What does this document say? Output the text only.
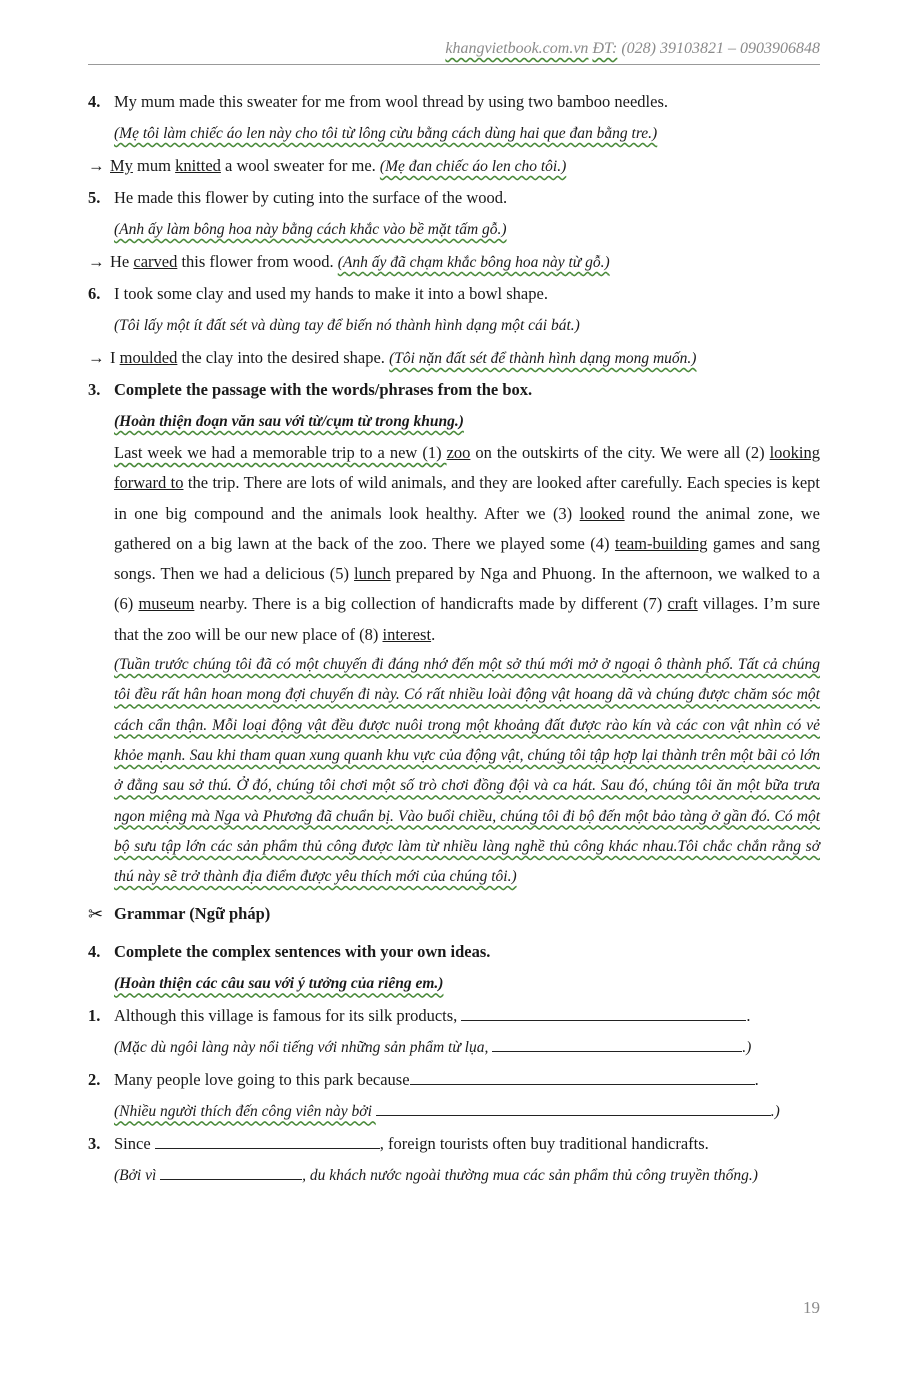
khangvietbook.com.vn ĐT: (028) 39103821 – 0903906848
4. My mum made this sweater for me from wool thread by using two bamboo needles.
(Mẹ tôi làm chiếc áo len này cho tôi từ lông cừu bằng cách dùng hai que đan bằng tre.)
→ My mum knitted a wool sweater for me. (Mẹ đan chiếc áo len cho tôi.)
5. He made this flower by cuting into the surface of the wood.
(Anh ấy làm bông hoa này bằng cách khắc vào bề mặt tấm gỗ.)
→ He carved this flower from wood. (Anh ấy đã chạm khắc bông hoa này từ gỗ.)
6. I took some clay and used my hands to make it into a bowl shape.
(Tôi lấy một ít đất sét và dùng tay để biến nó thành hình dạng một cái bát.)
→ I moulded the clay into the desired shape. (Tôi nặn đất sét để thành hình dạng mong muốn.)
3. Complete the passage with the words/phrases from the box.
(Hoàn thiện đoạn văn sau với từ/cụm từ trong khung.)
Last week we had a memorable trip to a new (1) zoo on the outskirts of the city. We were all (2) looking forward to the trip. There are lots of wild animals, and they are looked after carefully. Each species is kept in one big compound and the animals look healthy. After we (3) looked round the animal zone, we gathered on a big lawn at the back of the zoo. There we played some (4) team-building games and sang songs. Then we had a delicious (5) lunch prepared by Nga and Phuong. In the afternoon, we walked to a (6) museum nearby. There is a big collection of handicrafts made by different (7) craft villages. I’m sure that the zoo will be our new place of (8) interest.
(Tuần trước chúng tôi đã có một chuyến đi đáng nhớ đến một sở thú mới mở ở ngoại ô thành phố. Tất cả chúng tôi đều rất hân hoan mong đợi chuyến đi này. Có rất nhiều loài động vật hoang dã và chúng được chăm sóc một cách cẩn thận. Mỗi loại động vật đều được nuôi trong một khoảng đất được rào kín và các con vật nhìn có vẻ khỏe mạnh. Sau khi tham quan xung quanh khu vực của động vật, chúng tôi tập hợp lại thành trên một bãi cỏ lớn ở đằng sau sở thú. Ở đó, chúng tôi chơi một số trò chơi đồng đội và ca hát. Sau đó, chúng tôi ăn một bữa trưa ngon miệng mà Nga và Phương đã chuẩn bị. Vào buổi chiều, chúng tôi đi bộ đến một bảo tàng ở gần đó. Có một bộ sưu tập lớn các sản phẩm thủ công được làm từ nhiều làng nghề thủ công khác nhau.Tôi chắc chắn rằng sở thú này sẽ trở thành địa điểm được yêu thích mới của chúng tôi.)
✂ Grammar (Ngữ pháp)
4. Complete the complex sentences with your own ideas.
(Hoàn thiện các câu sau với ý tưởng của riêng em.)
1. Although this village is famous for its silk products,	.
(Mặc dù ngôi làng này nổi tiếng với những sản phẩm từ lụa,	.)
2. Many people love going to this park because	.
(Nhiều người thích đến công viên này bởi	.)
3. Since	, foreign tourists often buy traditional handicrafts.
(Bởi vì	, du khách nước ngoài thường mua các sản phẩm thủ công truyền thống.)
19
